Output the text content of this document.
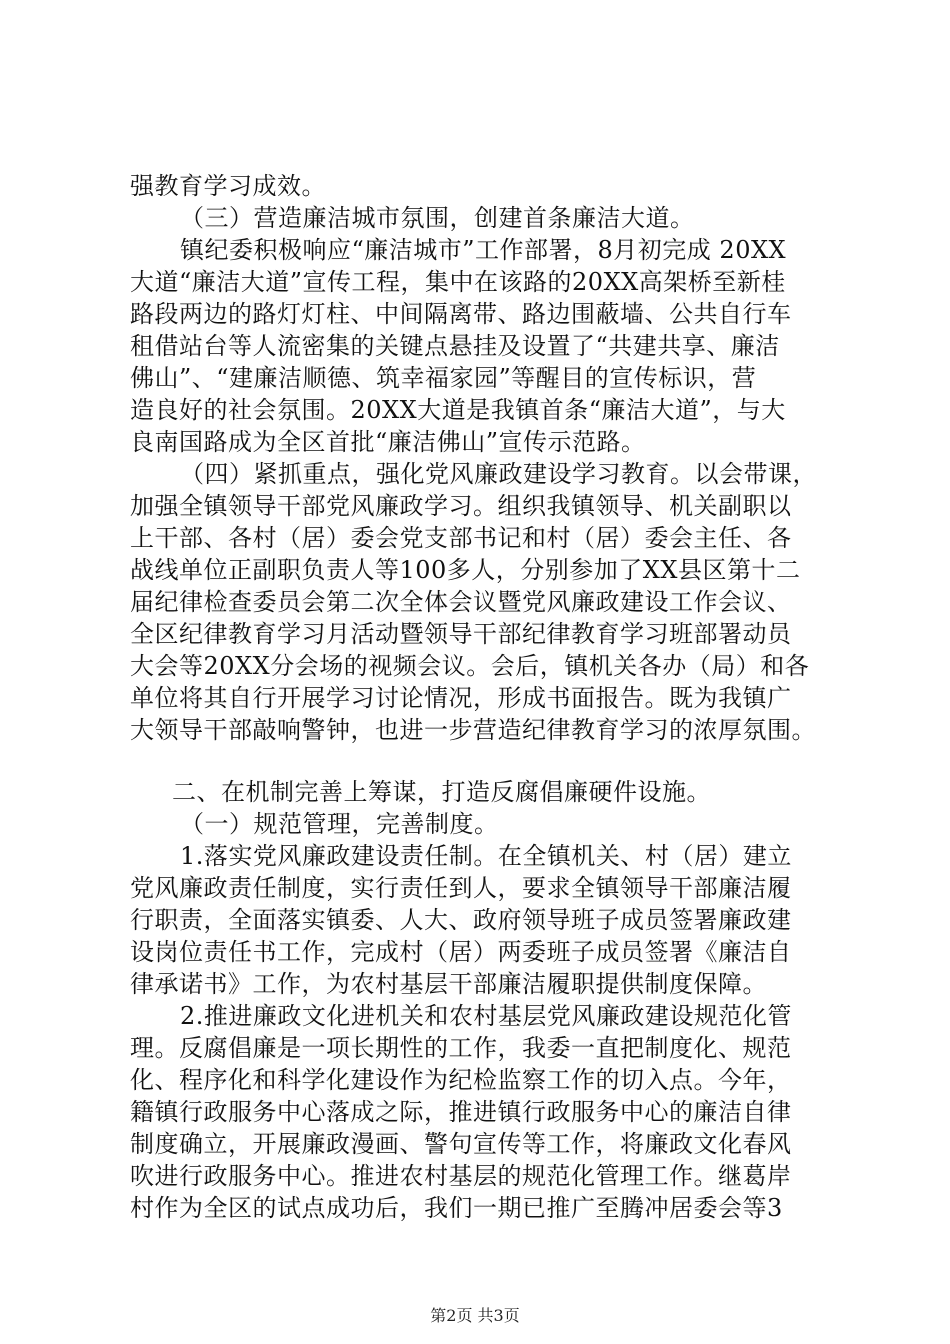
强教育学习成效。
（三）营造廉洁城市氛围，创建首条廉洁大道。
镇纪委积极响应“廉洁城市”工作部署，8月初完成 20XX
大道“廉洁大道”宣传工程，集中在该路的20XX高架桥至新桂
路段两边的路灯灯柱、中间隔离带、路边围蔽墙、公共自行车
租借站台等人流密集的关键点悬挂及设置了“共建共享、廉洁
佛山”、“建廉洁顺德、筑幸福家园”等醒目的宣传标识，营
造良好的社会氛围。20XX大道是我镇首条“廉洁大道”，与大
良南国路成为全区首批“廉洁佛山”宣传示范路。
（四）紧抓重点，强化党风廉政建设学习教育。以会带课，
加强全镇领导干部党风廉政学习。组织我镇领导、机关副职以
上干部、各村（居）委会党支部书记和村（居）委会主任、各
战线单位正副职负责人等100多人，分别参加了XX县区第十二
届纪律检查委员会第二次全体会议暨党风廉政建设工作会议、
全区纪律教育学习月活动暨领导干部纪律教育学习班部署动员
大会等20XX分会场的视频会议。会后，镇机关各办（局）和各
单位将其自行开展学习讨论情况，形成书面报告。既为我镇广
大领导干部敲响警钟，也进一步营造纪律教育学习的浓厚氛围。
二、在机制完善上筹谋，打造反腐倡廉硬件设施。
（一）规范管理，完善制度。
1.落实党风廉政建设责任制。在全镇机关、村（居）建立
党风廉政责任制度，实行责任到人，要求全镇领导干部廉洁履
行职责，全面落实镇委、人大、政府领导班子成员签署廉政建
设岗位责任书工作，完成村（居）两委班子成员签署《廉洁自
律承诺书》工作，为农村基层干部廉洁履职提供制度保障。
2.推进廉政文化进机关和农村基层党风廉政建设规范化管
理。反腐倡廉是一项长期性的工作，我委一直把制度化、规范
化、程序化和科学化建设作为纪检监察工作的切入点。今年，
籍镇行政服务中心落成之际，推进镇行政服务中心的廉洁自律
制度确立，开展廉政漫画、警句宣传等工作，将廉政文化春风
吹进行政服务中心。推进农村基层的规范化管理工作。继葛岸
村作为全区的试点成功后，我们一期已推广至腾冲居委会等3
第2页 共3页
